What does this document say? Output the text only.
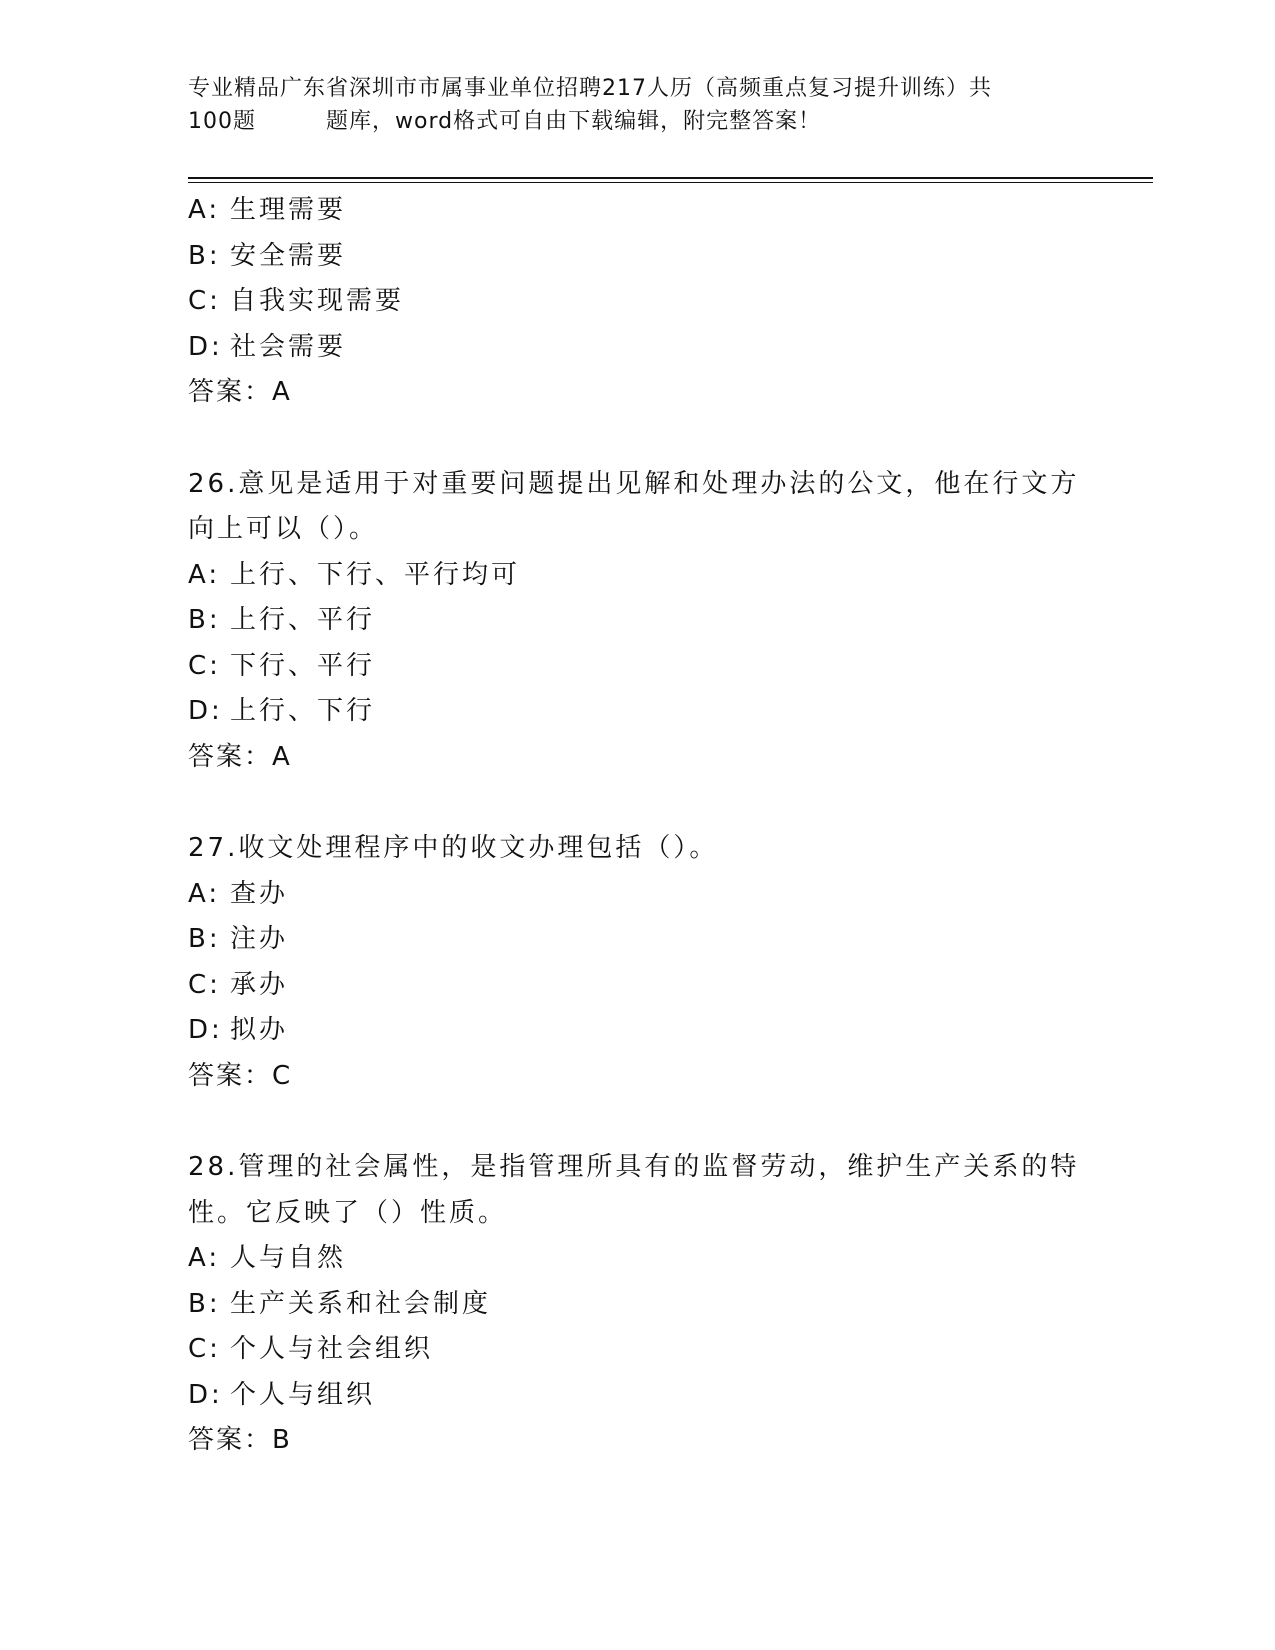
专业精品广东省深圳市市属事业单位招聘217人历（高频重点复习提升训练）共
100题	题库，word格式可自由下载编辑，附完整答案！
A: 生理需要
B: 安全需要
C: 自我实现需要
D: 社会需要
答案：A
26.意见是适用于对重要问题提出见解和处理办法的公文，他在行文方
向上可以（）。
A: 上行、下行、平行均可
B: 上行、平行
C: 下行、平行
D: 上行、下行
答案：A
27.收文处理程序中的收文办理包括（）。
A: 查办
B: 注办
C: 承办
D: 拟办
答案：C
28.管理的社会属性，是指管理所具有的监督劳动，维护生产关系的特
性。它反映了（）性质。
A: 人与自然
B: 生产关系和社会制度
C: 个人与社会组织
D: 个人与组织
答案：B
